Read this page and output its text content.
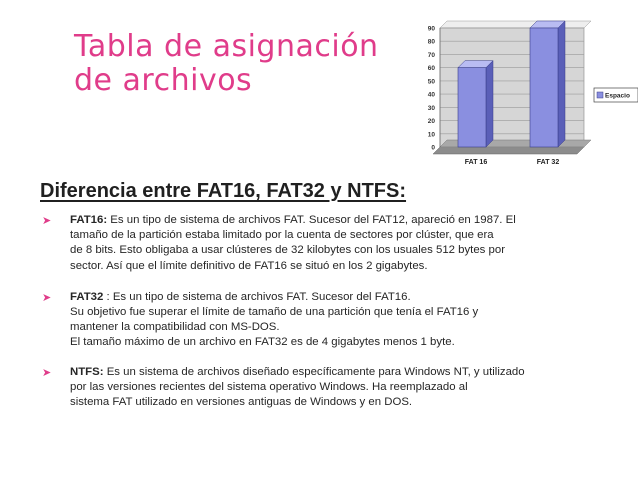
Tabla de asignación
de archivos
0
10
20
30
40
50
60
70
80
90
FAT 16	FAT 32
Espacio
Diferencia entre FAT16, FAT32 y NTFS:
➤ FAT16: Es un tipo de sistema de archivos FAT. Sucesor del FAT12, apareció en 1987. El
tamaño de la partición estaba limitado por la cuenta de sectores por clúster, que era
de 8 bits. Esto obligaba a usar clústeres de 32 kilobytes con los usuales 512 bytes por
sector. Así que el límite definitivo de FAT16 se situó en los 2 gigabytes.
➤ FAT32 : Es un tipo de sistema de archivos FAT. Sucesor del FAT16.
Su objetivo fue superar el límite de tamaño de una partición que tenía el FAT16 y
mantener la compatibilidad con MS-DOS.
El tamaño máximo de un archivo en FAT32 es de 4 gigabytes menos 1 byte.
➤ NTFS: Es un sistema de archivos diseñado específicamente para Windows NT, y utilizado
por las versiones recientes del sistema operativo Windows. Ha reemplazado al
sistema FAT utilizado en versiones antiguas de Windows y en DOS.
